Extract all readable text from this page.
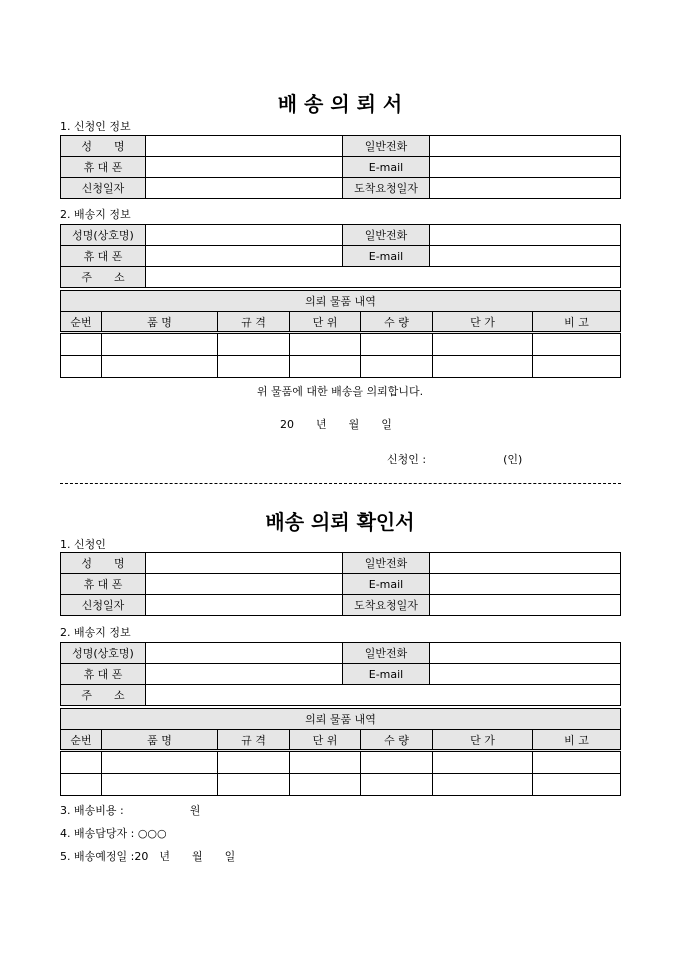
배 송 의 뢰 서
1. 신청인 정보
성　　명		일반전화	
휴 대 폰		E-mail	
신청일자		도착요청일자	
2. 배송지 정보
성명(상호명)		일반전화	
휴 대 폰		E-mail	
주　　소			
의뢰 물품 내역						
순번	품 명	규 격	단 위	수 량	단 가	비 고

위 물품에 대한 배송을 의뢰합니다.
20　　년　　월　　일
신청인 :　　　　　　　(인)
배송 의뢰 확인서
1. 신청인
성　　명		일반전화	
휴 대 폰		E-mail	
신청일자		도착요청일자	
2. 배송지 정보
성명(상호명)		일반전화	
휴 대 폰		E-mail	
주　　소			
의뢰 물품 내역						
순번	품 명	규 격	단 위	수 량	단 가	비 고

3. 배송비용 :　　　　　　원
4. 배송담당자 : ○○○
5. 배송예정일 :20　년　　월　　일
